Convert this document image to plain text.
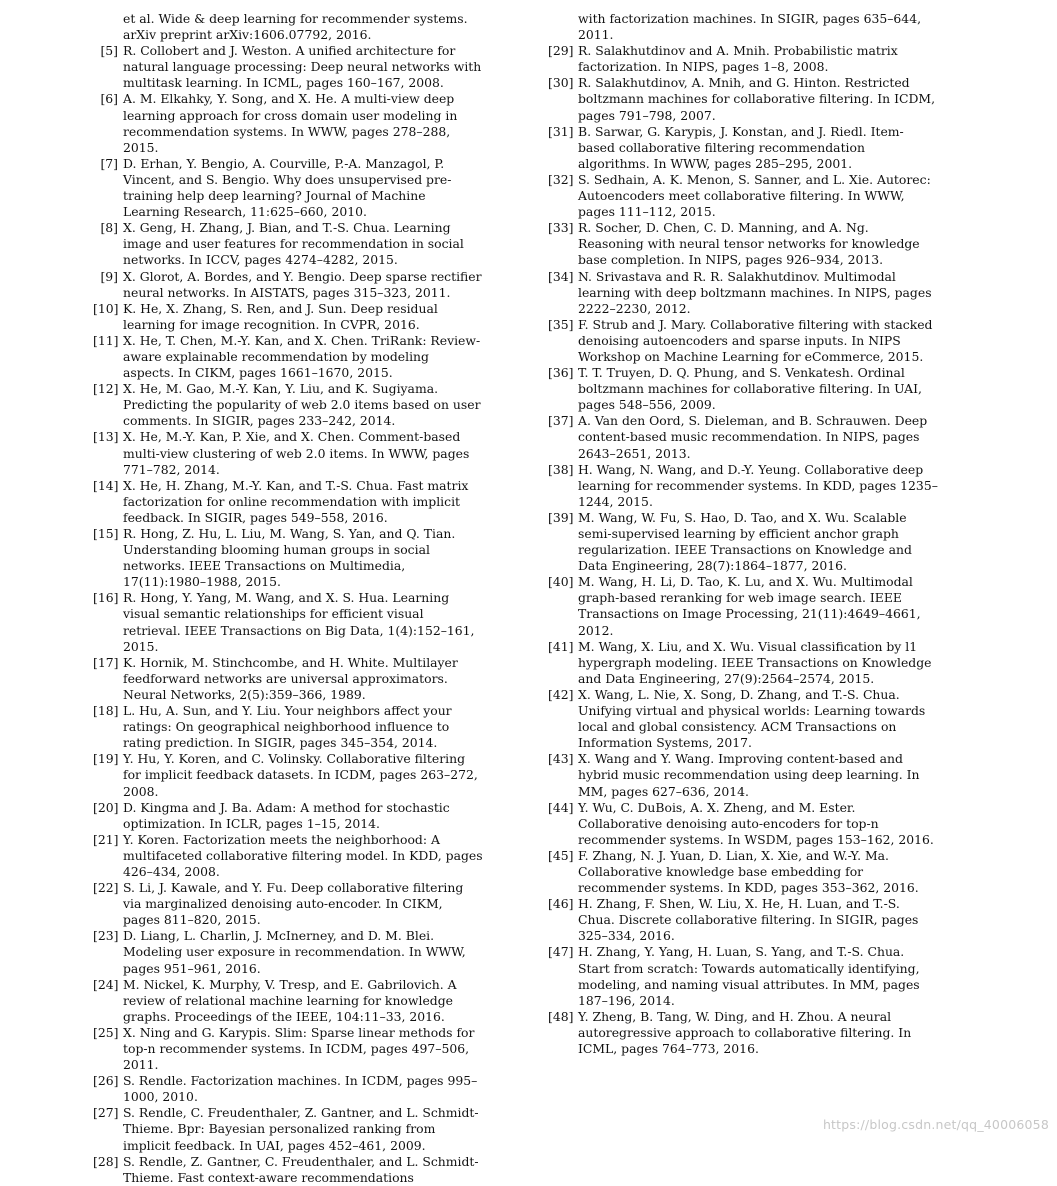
et al. Wide & deep learning for recommender systems. arXiv preprint arXiv:1606.07792, 2016.
[5] R. Collobert and J. Weston. A unified architecture for natural language processing: Deep neural networks with multitask learning. In ICML, pages 160–167, 2008.
[6] A. M. Elkahky, Y. Song, and X. He. A multi-view deep learning approach for cross domain user modeling in recommendation systems. In WWW, pages 278–288, 2015.
[7] D. Erhan, Y. Bengio, A. Courville, P.-A. Manzagol, P. Vincent, and S. Bengio. Why does unsupervised pre-training help deep learning? Journal of Machine Learning Research, 11:625–660, 2010.
[8] X. Geng, H. Zhang, J. Bian, and T.-S. Chua. Learning image and user features for recommendation in social networks. In ICCV, pages 4274–4282, 2015.
[9] X. Glorot, A. Bordes, and Y. Bengio. Deep sparse rectifier neural networks. In AISTATS, pages 315–323, 2011.
[10] K. He, X. Zhang, S. Ren, and J. Sun. Deep residual learning for image recognition. In CVPR, 2016.
[11] X. He, T. Chen, M.-Y. Kan, and X. Chen. TriRank: Review-aware explainable recommendation by modeling aspects. In CIKM, pages 1661–1670, 2015.
[12] X. He, M. Gao, M.-Y. Kan, Y. Liu, and K. Sugiyama. Predicting the popularity of web 2.0 items based on user comments. In SIGIR, pages 233–242, 2014.
[13] X. He, M.-Y. Kan, P. Xie, and X. Chen. Comment-based multi-view clustering of web 2.0 items. In WWW, pages 771–782, 2014.
[14] X. He, H. Zhang, M.-Y. Kan, and T.-S. Chua. Fast matrix factorization for online recommendation with implicit feedback. In SIGIR, pages 549–558, 2016.
[15] R. Hong, Z. Hu, L. Liu, M. Wang, S. Yan, and Q. Tian. Understanding blooming human groups in social networks. IEEE Transactions on Multimedia, 17(11):1980–1988, 2015.
[16] R. Hong, Y. Yang, M. Wang, and X. S. Hua. Learning visual semantic relationships for efficient visual retrieval. IEEE Transactions on Big Data, 1(4):152–161, 2015.
[17] K. Hornik, M. Stinchcombe, and H. White. Multilayer feedforward networks are universal approximators. Neural Networks, 2(5):359–366, 1989.
[18] L. Hu, A. Sun, and Y. Liu. Your neighbors affect your ratings: On geographical neighborhood influence to rating prediction. In SIGIR, pages 345–354, 2014.
[19] Y. Hu, Y. Koren, and C. Volinsky. Collaborative filtering for implicit feedback datasets. In ICDM, pages 263–272, 2008.
[20] D. Kingma and J. Ba. Adam: A method for stochastic optimization. In ICLR, pages 1–15, 2014.
[21] Y. Koren. Factorization meets the neighborhood: A multifaceted collaborative filtering model. In KDD, pages 426–434, 2008.
[22] S. Li, J. Kawale, and Y. Fu. Deep collaborative filtering via marginalized denoising auto-encoder. In CIKM, pages 811–820, 2015.
[23] D. Liang, L. Charlin, J. McInerney, and D. M. Blei. Modeling user exposure in recommendation. In WWW, pages 951–961, 2016.
[24] M. Nickel, K. Murphy, V. Tresp, and E. Gabrilovich. A review of relational machine learning for knowledge graphs. Proceedings of the IEEE, 104:11–33, 2016.
[25] X. Ning and G. Karypis. Slim: Sparse linear methods for top-n recommender systems. In ICDM, pages 497–506, 2011.
[26] S. Rendle. Factorization machines. In ICDM, pages 995–1000, 2010.
[27] S. Rendle, C. Freudenthaler, Z. Gantner, and L. Schmidt-Thieme. Bpr: Bayesian personalized ranking from implicit feedback. In UAI, pages 452–461, 2009.
[28] S. Rendle, Z. Gantner, C. Freudenthaler, and L. Schmidt-Thieme. Fast context-aware recommendations
with factorization machines. In SIGIR, pages 635–644, 2011.
[29] R. Salakhutdinov and A. Mnih. Probabilistic matrix factorization. In NIPS, pages 1–8, 2008.
[30] R. Salakhutdinov, A. Mnih, and G. Hinton. Restricted boltzmann machines for collaborative filtering. In ICDM, pages 791–798, 2007.
[31] B. Sarwar, G. Karypis, J. Konstan, and J. Riedl. Item-based collaborative filtering recommendation algorithms. In WWW, pages 285–295, 2001.
[32] S. Sedhain, A. K. Menon, S. Sanner, and L. Xie. Autorec: Autoencoders meet collaborative filtering. In WWW, pages 111–112, 2015.
[33] R. Socher, D. Chen, C. D. Manning, and A. Ng. Reasoning with neural tensor networks for knowledge base completion. In NIPS, pages 926–934, 2013.
[34] N. Srivastava and R. R. Salakhutdinov. Multimodal learning with deep boltzmann machines. In NIPS, pages 2222–2230, 2012.
[35] F. Strub and J. Mary. Collaborative filtering with stacked denoising autoencoders and sparse inputs. In NIPS Workshop on Machine Learning for eCommerce, 2015.
[36] T. T. Truyen, D. Q. Phung, and S. Venkatesh. Ordinal boltzmann machines for collaborative filtering. In UAI, pages 548–556, 2009.
[37] A. Van den Oord, S. Dieleman, and B. Schrauwen. Deep content-based music recommendation. In NIPS, pages 2643–2651, 2013.
[38] H. Wang, N. Wang, and D.-Y. Yeung. Collaborative deep learning for recommender systems. In KDD, pages 1235–1244, 2015.
[39] M. Wang, W. Fu, S. Hao, D. Tao, and X. Wu. Scalable semi-supervised learning by efficient anchor graph regularization. IEEE Transactions on Knowledge and Data Engineering, 28(7):1864–1877, 2016.
[40] M. Wang, H. Li, D. Tao, K. Lu, and X. Wu. Multimodal graph-based reranking for web image search. IEEE Transactions on Image Processing, 21(11):4649–4661, 2012.
[41] M. Wang, X. Liu, and X. Wu. Visual classification by l1 hypergraph modeling. IEEE Transactions on Knowledge and Data Engineering, 27(9):2564–2574, 2015.
[42] X. Wang, L. Nie, X. Song, D. Zhang, and T.-S. Chua. Unifying virtual and physical worlds: Learning towards local and global consistency. ACM Transactions on Information Systems, 2017.
[43] X. Wang and Y. Wang. Improving content-based and hybrid music recommendation using deep learning. In MM, pages 627–636, 2014.
[44] Y. Wu, C. DuBois, A. X. Zheng, and M. Ester. Collaborative denoising auto-encoders for top-n recommender systems. In WSDM, pages 153–162, 2016.
[45] F. Zhang, N. J. Yuan, D. Lian, X. Xie, and W.-Y. Ma. Collaborative knowledge base embedding for recommender systems. In KDD, pages 353–362, 2016.
[46] H. Zhang, F. Shen, W. Liu, X. He, H. Luan, and T.-S. Chua. Discrete collaborative filtering. In SIGIR, pages 325–334, 2016.
[47] H. Zhang, Y. Yang, H. Luan, S. Yang, and T.-S. Chua. Start from scratch: Towards automatically identifying, modeling, and naming visual attributes. In MM, pages 187–196, 2014.
[48] Y. Zheng, B. Tang, W. Ding, and H. Zhou. A neural autoregressive approach to collaborative filtering. In ICML, pages 764–773, 2016.
https://blog.csdn.net/qq_40006058
